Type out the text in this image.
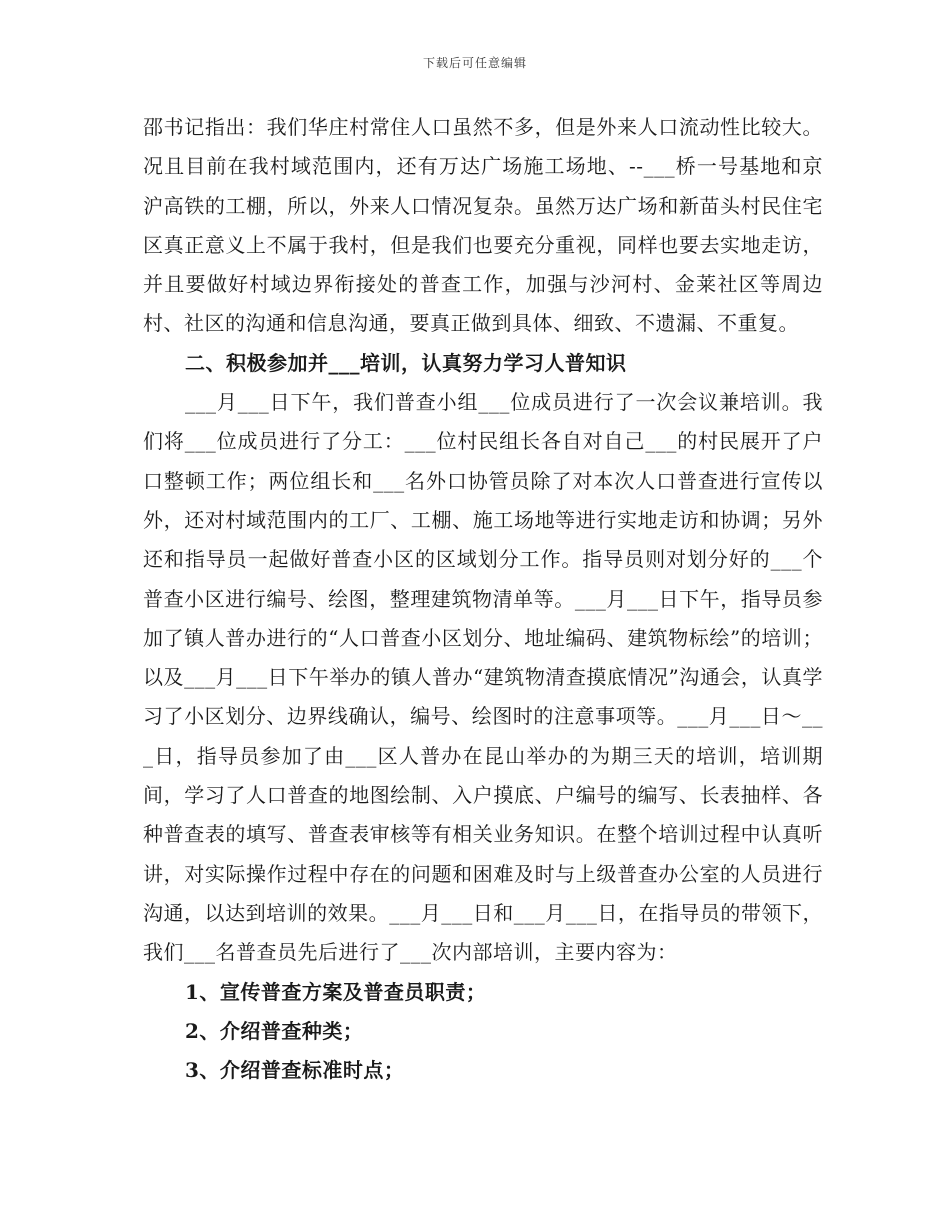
下载后可任意编辑

邵书记指出：我们华庄村常住人口虽然不多，但是外来人口流动性比较大。况且目前在我村域范围内，还有万达广场施工场地、--___桥一号基地和京沪高铁的工棚，所以，外来人口情况复杂。虽然万达广场和新苗头村民住宅区真正意义上不属于我村，但是我们也要充分重视，同样也要去实地走访，并且要做好村域边界衔接处的普查工作，加强与沙河村、金莱社区等周边村、社区的沟通和信息沟通，要真正做到具体、细致、不遗漏、不重复。

二、积极参加并___培训，认真努力学习人普知识

___月___日下午，我们普查小组___位成员进行了一次会议兼培训。我们将___位成员进行了分工：___位村民组长各自对自己___的村民展开了户口整顿工作；两位组长和___名外口协管员除了对本次人口普查进行宣传以外，还对村域范围内的工厂、工棚、施工场地等进行实地走访和协调；另外还和指导员一起做好普查小区的区域划分工作。指导员则对划分好的___个普查小区进行编号、绘图，整理建筑物清单等。___月___日下午，指导员参加了镇人普办进行的“人口普查小区划分、地址编码、建筑物标绘”的培训；以及___月___日下午举办的镇人普办“建筑物清查摸底情况”沟通会，认真学习了小区划分、边界线确认，编号、绘图时的注意事项等。___月___日～___日，指导员参加了由___区人普办在昆山举办的为期三天的培训，培训期间，学习了人口普查的地图绘制、入户摸底、户编号的编写、长表抽样、各种普查表的填写、普查表审核等有相关业务知识。在整个培训过程中认真听讲，对实际操作过程中存在的问题和困难及时与上级普查办公室的人员进行沟通，以达到培训的效果。___月___日和___月___日，在指导员的带领下，我们___名普查员先后进行了___次内部培训，主要内容为：

1、宣传普查方案及普查员职责；

2、介绍普查种类；

3、介绍普查标准时点；
